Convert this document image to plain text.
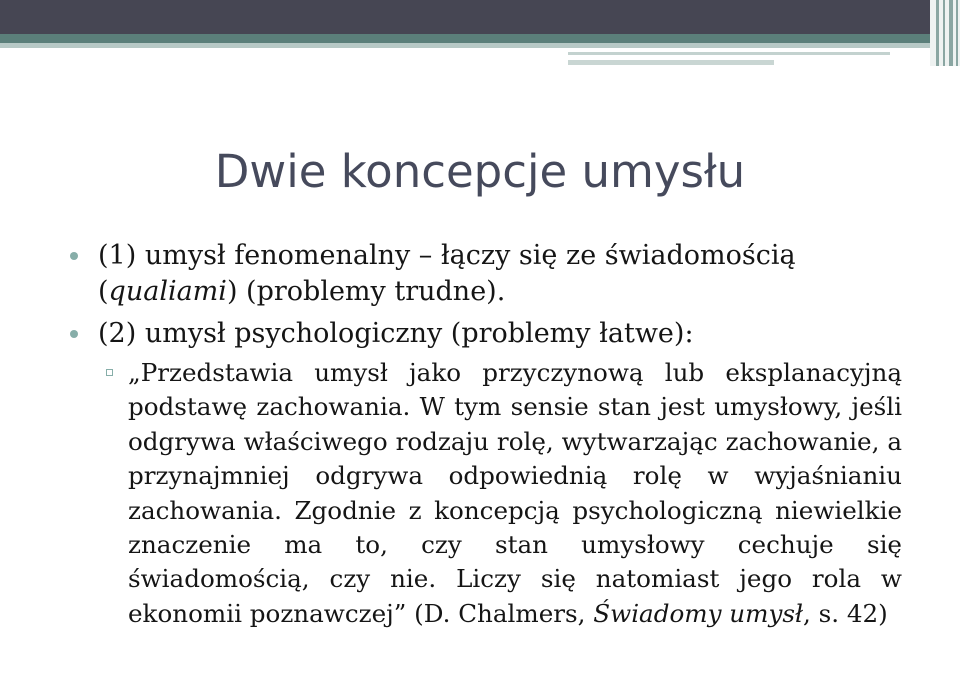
Dwie koncepcje umysłu
(1) umysł fenomenalny – łączy się ze świadomością (qualiami) (problemy trudne).
(2) umysł psychologiczny (problemy łatwe):
„Przedstawia umysł jako przyczynową lub eksplanacyjną podstawę zachowania. W tym sensie stan jest umysłowy, jeśli odgrywa właściwego rodzaju rolę, wytwarzając zachowanie, a przynajmniej odgrywa odpowiednią rolę w wyjaśnianiu zachowania. Zgodnie z koncepcją psychologiczną niewielkie znaczenie ma to, czy stan umysłowy cechuje się świadomością, czy nie. Liczy się natomiast jego rola w ekonomii poznawczej” (D. Chalmers, Świadomy umysł, s. 42)
